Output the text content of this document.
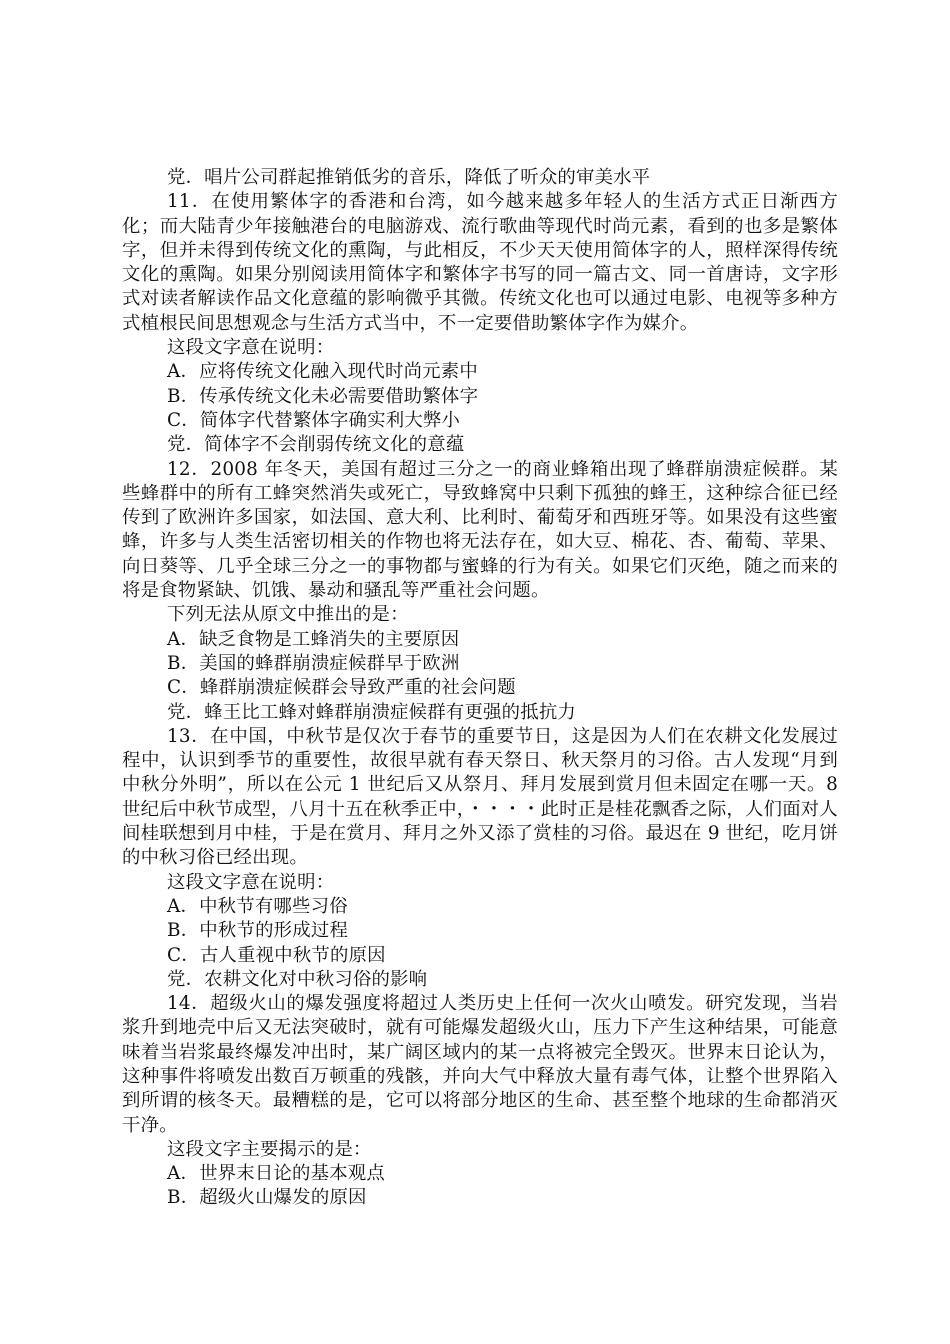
党．唱片公司群起推销低劣的音乐，降低了听众的审美水平

11．在使用繁体字的香港和台湾，如今越来越多年轻人的生活方式正日渐西方化；而大陆青少年接触港台的电脑游戏、流行歌曲等现代时尚元素，看到的也多是繁体字，但并未得到传统文化的熏陶，与此相反，不少天天使用简体字的人，照样深得传统文化的熏陶。如果分别阅读用简体字和繁体字书写的同一篇古文、同一首唐诗，文字形式对读者解读作品文化意蕴的影响微乎其微。传统文化也可以通过电影、电视等多种方式植根民间思想观念与生活方式当中，不一定要借助繁体字作为媒介。

这段文字意在说明：

A．应将传统文化融入现代时尚元素中

B．传承传统文化未必需要借助繁体字

C．简体字代替繁体字确实利大弊小

党．简体字不会削弱传统文化的意蕴

12．2008 年冬天，美国有超过三分之一的商业蜂箱出现了蜂群崩溃症候群。某些蜂群中的所有工蜂突然消失或死亡，导致蜂窝中只剩下孤独的蜂王，这种综合征已经传到了欧洲许多国家，如法国、意大利、比利时、葡萄牙和西班牙等。如果没有这些蜜蜂，许多与人类生活密切相关的作物也将无法存在，如大豆、棉花、杏、葡萄、苹果、向日葵等、几乎全球三分之一的事物都与蜜蜂的行为有关。如果它们灭绝，随之而来的将是食物紧缺、饥饿、暴动和骚乱等严重社会问题。

下列无法从原文中推出的是：

A．缺乏食物是工蜂消失的主要原因

B．美国的蜂群崩溃症候群早于欧洲

C．蜂群崩溃症候群会导致严重的社会问题

党．蜂王比工蜂对蜂群崩溃症候群有更强的抵抗力

13．在中国，中秋节是仅次于春节的重要节日，这是因为人们在农耕文化发展过程中，认识到季节的重要性，故很早就有春天祭日、秋天祭月的习俗。古人发现“月到中秋分外明”，所以在公元 1 世纪后又从祭月、拜月发展到赏月但未固定在哪一天。8 世纪后中秋节成型，八月十五在秋季正中，・・・・此时正是桂花飘香之际，人们面对人间桂联想到月中桂，于是在赏月、拜月之外又添了赏桂的习俗。最迟在 9 世纪，吃月饼的中秋习俗已经出现。

这段文字意在说明：

A．中秋节有哪些习俗

B．中秋节的形成过程

C．古人重视中秋节的原因

党．农耕文化对中秋习俗的影响

14．超级火山的爆发强度将超过人类历史上任何一次火山喷发。研究发现，当岩浆升到地壳中后又无法突破时，就有可能爆发超级火山，压力下产生这种结果，可能意味着当岩浆最终爆发冲出时，某广阔区域内的某一点将被完全毁灭。世界末日论认为，这种事件将喷发出数百万顿重的残骸，并向大气中释放大量有毒气体，让整个世界陷入到所谓的核冬天。最糟糕的是，它可以将部分地区的生命、甚至整个地球的生命都消灭干净。

这段文字主要揭示的是：

A．世界末日论的基本观点

B．超级火山爆发的原因
